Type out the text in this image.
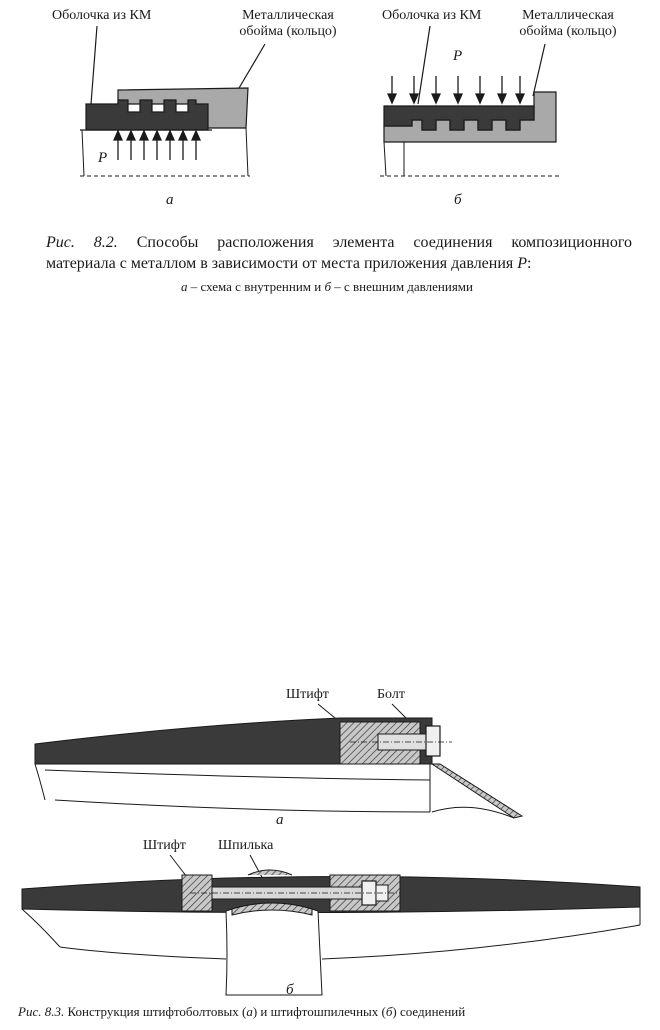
Оболочка из КМ	Металлическая
обойма (кольцо)
P
а
Оболочка из КМ	Металлическая
обойма (кольцо)
P
б
Рис. 8.2. Способы расположения элемента соединения композиционного
материала с металлом в зависимости от места приложения давления P:
а – схема с внутренним и б – с внешним давлениями
Штифт	Болт
а
Штифт Шпилька
б
Рис. 8.3. Конструкция штифтоболтовых (а) и штифтошпилечных (б) соединений
